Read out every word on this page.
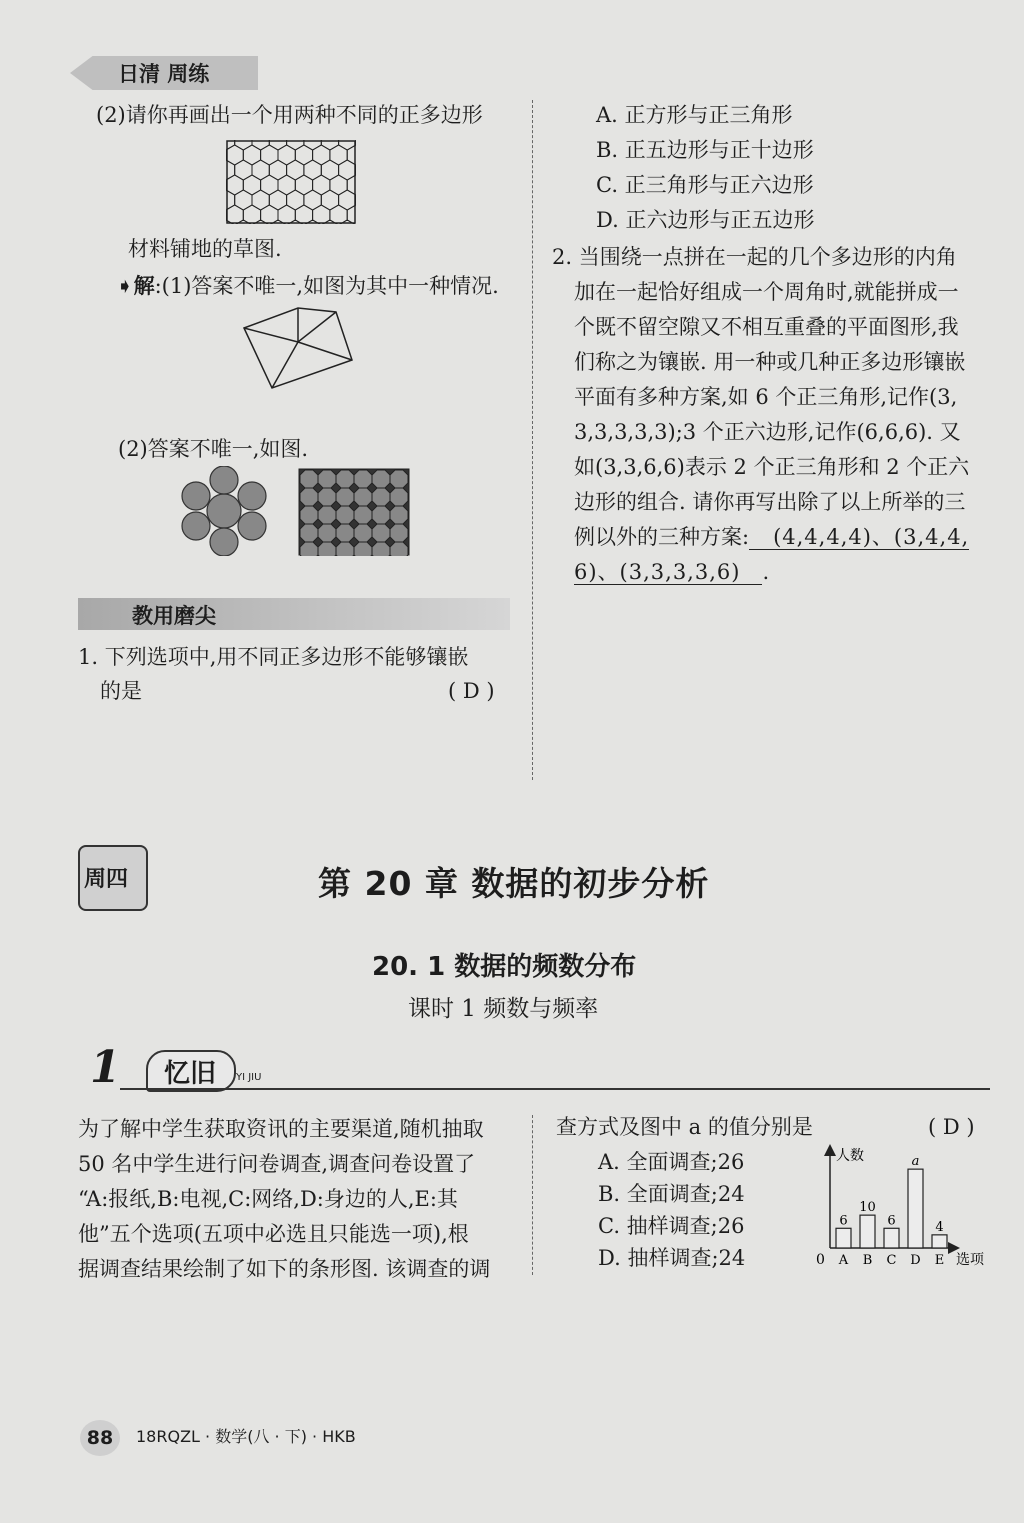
日清 周练
(2)请你再画出一个用两种不同的正多边形
材料铺地的草图.
➧解:(1)答案不唯一,如图为其中一种情况.
(2)答案不唯一,如图.
A. 正方形与正三角形
B. 正五边形与正十边形
C. 正三角形与正六边形
D. 正六边形与正五边形
2. 当围绕一点拼在一起的几个多边形的内角
加在一起恰好组成一个周角时,就能拼成一
个既不留空隙又不相互重叠的平面图形,我
们称之为镶嵌. 用一种或几种正多边形镶嵌
平面有多种方案,如 6 个正三角形,记作(3,
3,3,3,3,3);3 个正六边形,记作(6,6,6). 又
如(3,3,6,6)表示 2 个正三角形和 2 个正六
边形的组合. 请你再写出除了以上所举的三
例以外的三种方案: (4,4,4,4)、(3,4,4,
6)、(3,3,3,3,6) .
教用磨尖
1. 下列选项中,用不同正多边形不能够镶嵌
的是	( D )
周四	第 20 章 数据的初步分析
20. 1 数据的频数分布
课时 1 频数与频率
1 忆旧 YI JIU
为了解中学生获取资讯的主要渠道,随机抽取
50 名中学生进行问卷调查,调查问卷设置了
“A:报纸,B:电视,C:网络,D:身边的人,E:其
他”五个选项(五项中必选且只能选一项),根
据调查结果绘制了如下的条形图. 该调查的调
查方式及图中 a 的值分别是	( D )
A. 全面调查;26
B. 全面调查;24
C. 抽样调查;26
D. 抽样调查;24
人数
选项
0
6
A
10
B
6
C
a
D
4
E
88	18RQZL · 数学(八 · 下) · HKB
